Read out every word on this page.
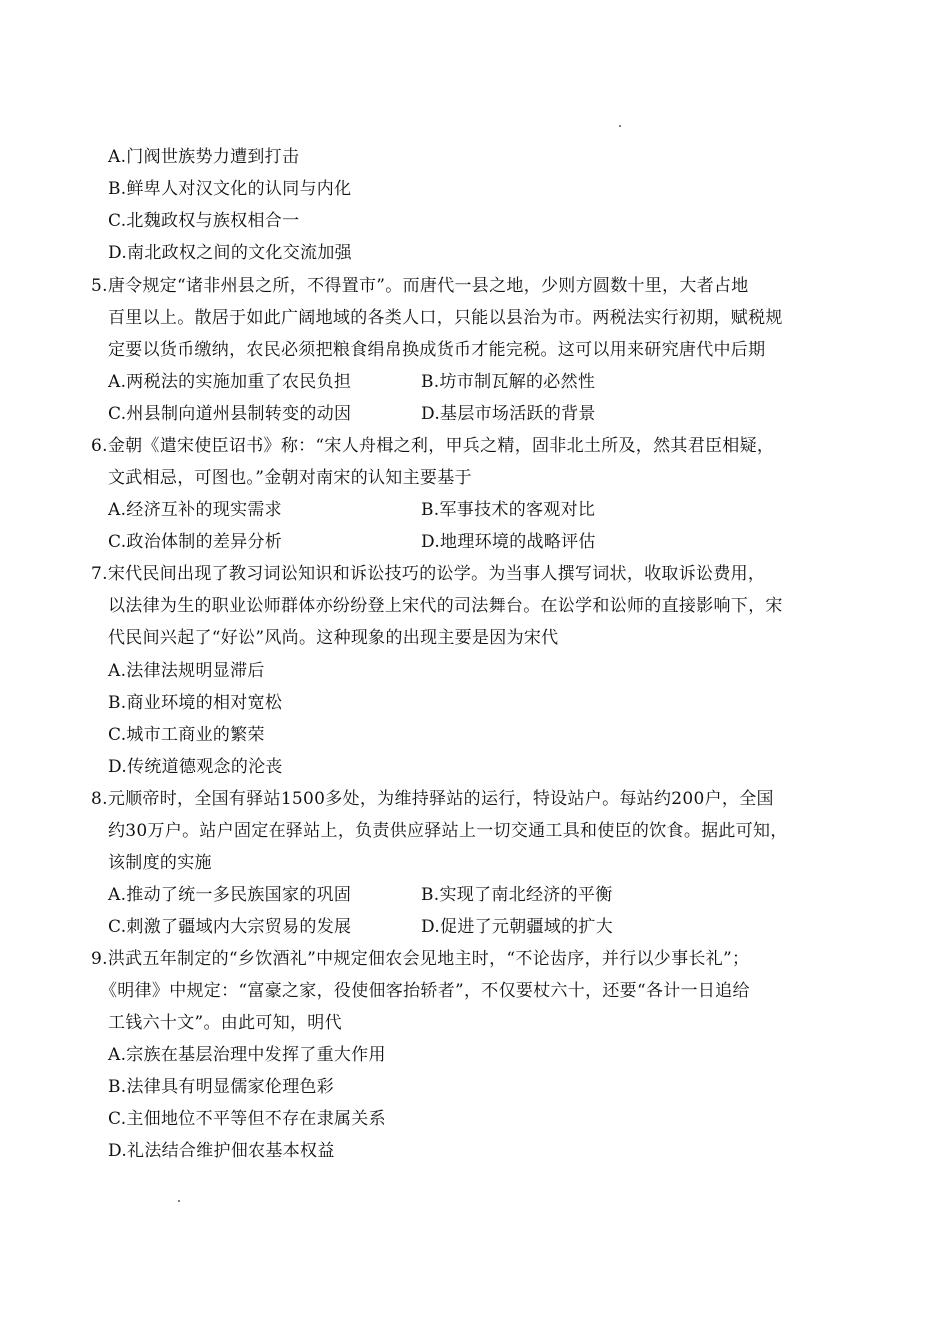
A.门阀世族势力遭到打击
B.鲜卑人对汉文化的认同与内化
C.北魏政权与族权相合一
D.南北政权之间的文化交流加强
5.唐令规定“诸非州县之所，不得置市”。而唐代一县之地，少则方圆数十里，大者占地
百里以上。散居于如此广阔地域的各类人口，只能以县治为市。两税法实行初期，赋税规
定要以货币缴纳，农民必须把粮食绢帛换成货币才能完税。这可以用来研究唐代中后期
A.两税法的实施加重了农民负担	B.坊市制瓦解的必然性
C.州县制向道州县制转变的动因	D.基层市场活跃的背景
6.金朝《遣宋使臣诏书》称：“宋人舟楫之利，甲兵之精，固非北土所及，然其君臣相疑，
文武相忌，可图也。”金朝对南宋的认知主要基于
A.经济互补的现实需求	B.军事技术的客观对比
C.政治体制的差异分析	D.地理环境的战略评估
7.宋代民间出现了教习词讼知识和诉讼技巧的讼学。为当事人撰写词状，收取诉讼费用，
以法律为生的职业讼师群体亦纷纷登上宋代的司法舞台。在讼学和讼师的直接影响下，宋
代民间兴起了“好讼”风尚。这种现象的出现主要是因为宋代
A.法律法规明显滞后
B.商业环境的相对宽松
C.城市工商业的繁荣
D.传统道德观念的沦丧
8.元顺帝时，全国有驿站1500多处，为维持驿站的运行，特设站户。每站约200户，全国
约30万户。站户固定在驿站上，负责供应驿站上一切交通工具和使臣的饮食。据此可知，
该制度的实施
A.推动了统一多民族国家的巩固	B.实现了南北经济的平衡
C.刺激了疆域内大宗贸易的发展	D.促进了元朝疆域的扩大
9.洪武五年制定的“乡饮酒礼”中规定佃农会见地主时，“不论齿序，并行以少事长礼”；
《明律》中规定：“富豪之家，役使佃客抬轿者”，不仅要杖六十，还要“各计一日追给
工钱六十文”。由此可知，明代
A.宗族在基层治理中发挥了重大作用
B.法律具有明显儒家伦理色彩
C.主佃地位不平等但不存在隶属关系
D.礼法结合维护佃农基本权益
